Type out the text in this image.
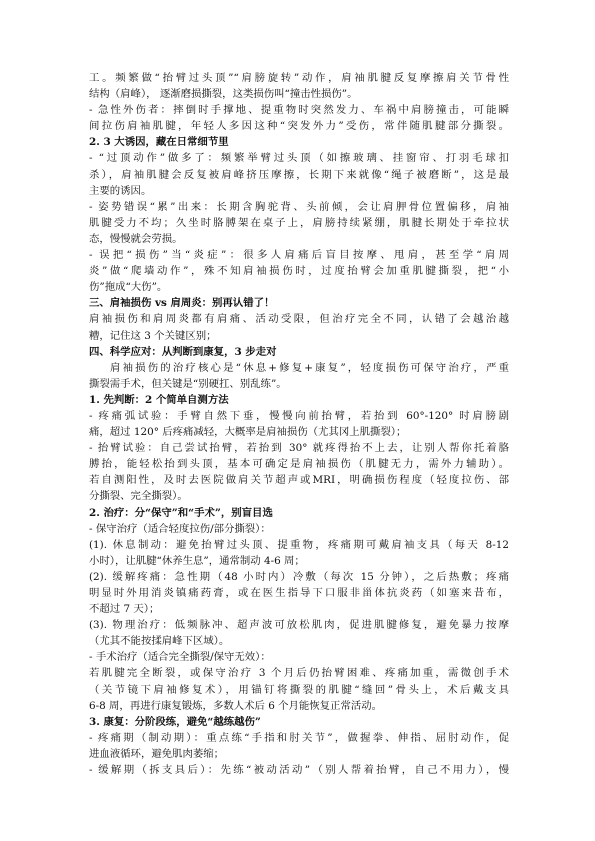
工。频繁做“抬臂过头顶”“肩膀旋转”动作，肩袖肌腱反复摩擦肩关节骨性
结构（肩峰）， 逐渐磨损撕裂，这类损伤叫“撞击性损伤”。
- 急性外伤者：摔倒时手撑地、提重物时突然发力、车祸中肩膀撞击，可能瞬
间拉伤肩袖肌腱，年轻人多因这种“突发外力”受伤，常伴随肌腱部分撕裂。
2. 3 大诱因，藏在日常细节里
- “过顶动作”做多了：频繁举臂过头顶（如擦玻璃、挂窗帘、打羽毛球扣
杀），肩袖肌腱会反复被肩峰挤压摩擦，长期下来就像“绳子被磨断”，这是最
主要的诱因。
- 姿势错误“累”出来：长期含胸驼背、头前倾，会让肩胛骨位置偏移，肩袖
肌腱受力不均；久坐时胳膊架在桌子上，肩膀持续紧绷，肌腱长期处于牵拉状
态，慢慢就会劳损。
- 误把“损伤”当“炎症”：很多人肩痛后盲目按摩、甩肩，甚至学“肩周
炎”做“爬墙动作”，殊不知肩袖损伤时，过度抬臂会加重肌腱撕裂，把“小
伤”拖成“大伤”。
三、肩袖损伤 vs 肩周炎：别再认错了！
肩袖损伤和肩周炎都有肩痛、活动受限，但治疗完全不同，认错了会越治越
糟，记住这 3 个关键区别；
四、科学应对：从判断到康复，3 步走对
肩袖损伤的治疗核心是“休息+修复+康复”，轻度损伤可保守治疗，严重
撕裂需手术，但关键是“别硬扛、别乱练”。
1. 先判断：2 个简单自测方法
- 疼痛弧试验：手臂自然下垂，慢慢向前抬臂，若抬到 60°-120° 时肩膀剧
痛，超过 120° 后疼痛减轻，大概率是肩袖损伤（尤其冈上肌撕裂）；
- 抬臂试验：自己尝试抬臂，若抬到 30° 就疼得抬不上去，让别人帮你托着胳
膊抬，能轻松抬到头顶，基本可确定是肩袖损伤（肌腱无力，需外力辅助）。
若自测阳性，及时去医院做肩关节超声或MRI，明确损伤程度（轻度拉伤、部
分撕裂、完全撕裂）。
2. 治疗：分“保守”和“手术”，别盲目选
- 保守治疗（适合轻度拉伤/部分撕裂）：
(1). 休息制动：避免抬臂过头顶、提重物，疼痛期可戴肩袖支具（每天 8-12
小时），让肌腱“休养生息”，通常制动 4-6 周；
(2). 缓解疼痛：急性期（48 小时内）冷敷（每次 15 分钟），之后热敷；疼痛
明显时外用消炎镇痛药膏，或在医生指导下口服非甾体抗炎药（如塞来昔布，
不超过 7 天）；
(3). 物理治疗：低频脉冲、超声波可放松肌肉，促进肌腱修复，避免暴力按摩
（尤其不能按揉肩峰下区域）。
- 手术治疗（适合完全撕裂/保守无效）：
若肌腱完全断裂，或保守治疗 3 个月后仍抬臂困难、疼痛加重，需微创手术
（关节镜下肩袖修复术），用锚钉将撕裂的肌腱“缝回”骨头上，术后戴支具
6-8 周，再进行康复锻炼，多数人术后 6 个月能恢复正常活动。
3. 康复：分阶段练，避免“越练越伤”
- 疼痛期（制动期）：重点练“手指和肘关节”，做握拳、伸指、屈肘动作，促
进血液循环，避免肌肉萎缩；
- 缓解期（拆支具后）：先练“被动活动”（别人帮着抬臂，自己不用力），慢
